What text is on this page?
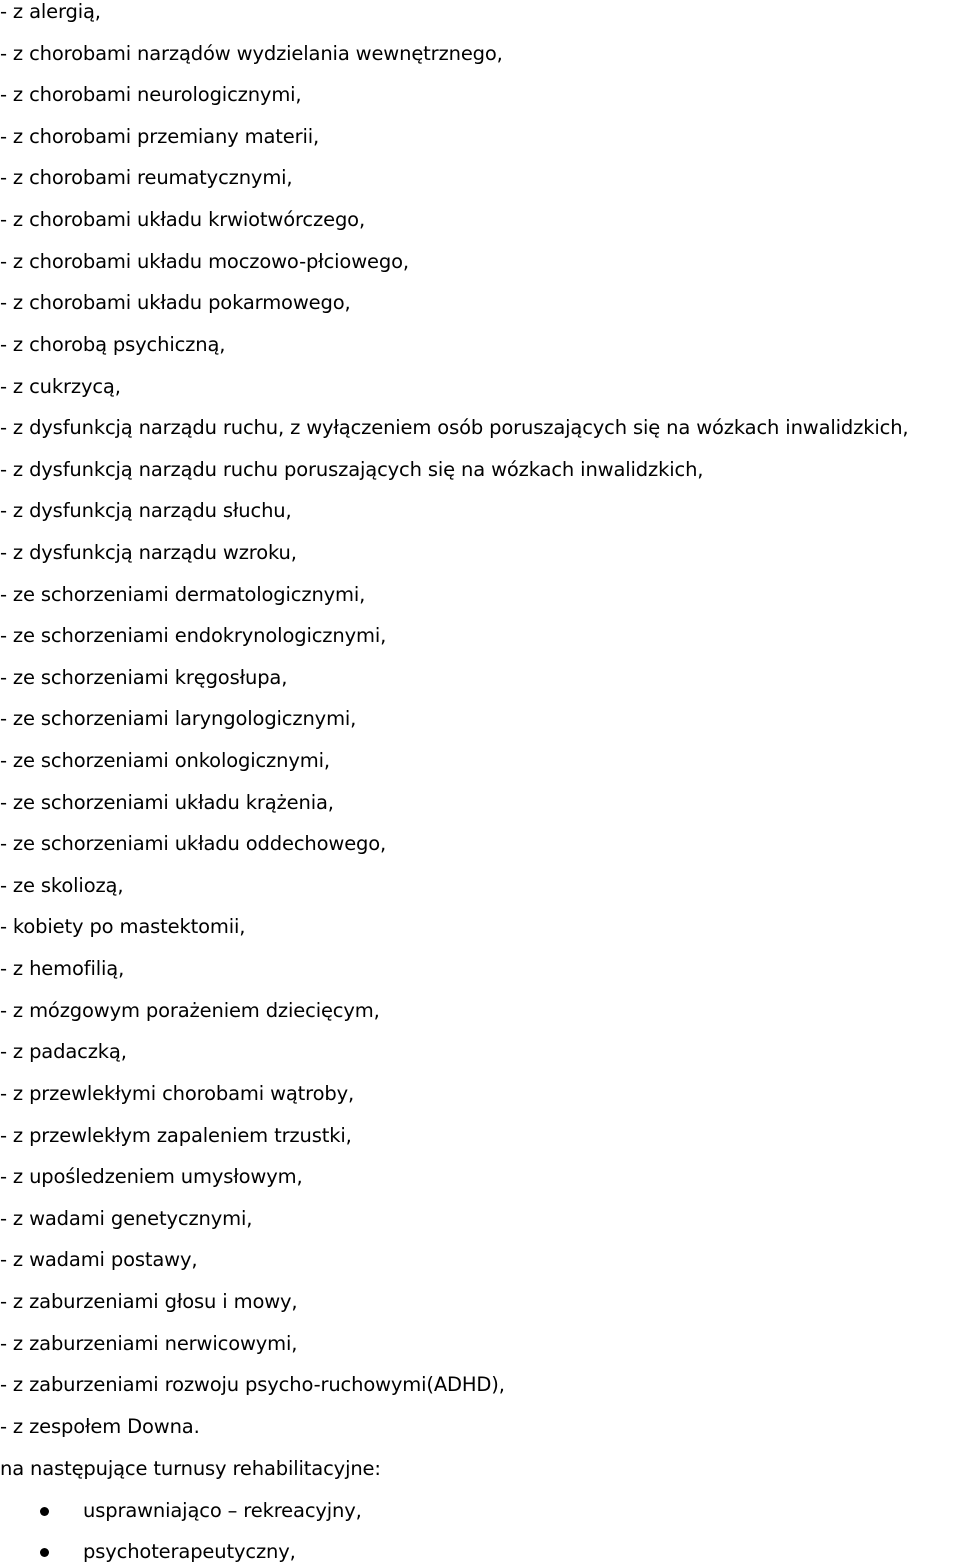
- z alergią,
- z chorobami narządów wydzielania wewnętrznego,
- z chorobami neurologicznymi,
- z chorobami przemiany materii,
- z chorobami reumatycznymi,
- z chorobami układu krwiotwórczego,
- z chorobami układu moczowo-płciowego,
- z chorobami układu pokarmowego,
- z chorobą psychiczną,
- z cukrzycą,
- z dysfunkcją narządu ruchu, z wyłączeniem osób poruszających się na wózkach inwalidzkich,
- z dysfunkcją narządu ruchu poruszających się na wózkach inwalidzkich,
- z dysfunkcją narządu słuchu,
- z dysfunkcją narządu wzroku,
- ze schorzeniami dermatologicznymi,
- ze schorzeniami endokrynologicznymi,
- ze schorzeniami kręgosłupa,
- ze schorzeniami laryngologicznymi,
- ze schorzeniami onkologicznymi,
- ze schorzeniami układu krążenia,
- ze schorzeniami układu oddechowego,
- ze skoliozą,
- kobiety po mastektomii,
- z hemofilią,
- z mózgowym porażeniem dziecięcym,
- z padaczką,
- z przewlekłymi chorobami wątroby,
- z przewlekłym zapaleniem trzustki,
- z upośledzeniem umysłowym,
- z wadami genetycznymi,
- z wadami postawy,
- z zaburzeniami głosu i mowy,
- z zaburzeniami nerwicowymi,
- z zaburzeniami rozwoju psycho-ruchowymi(ADHD),
- z zespołem Downa.
na następujące turnusy rehabilitacyjne:
usprawniająco – rekreacyjny,
psychoterapeutyczny,
